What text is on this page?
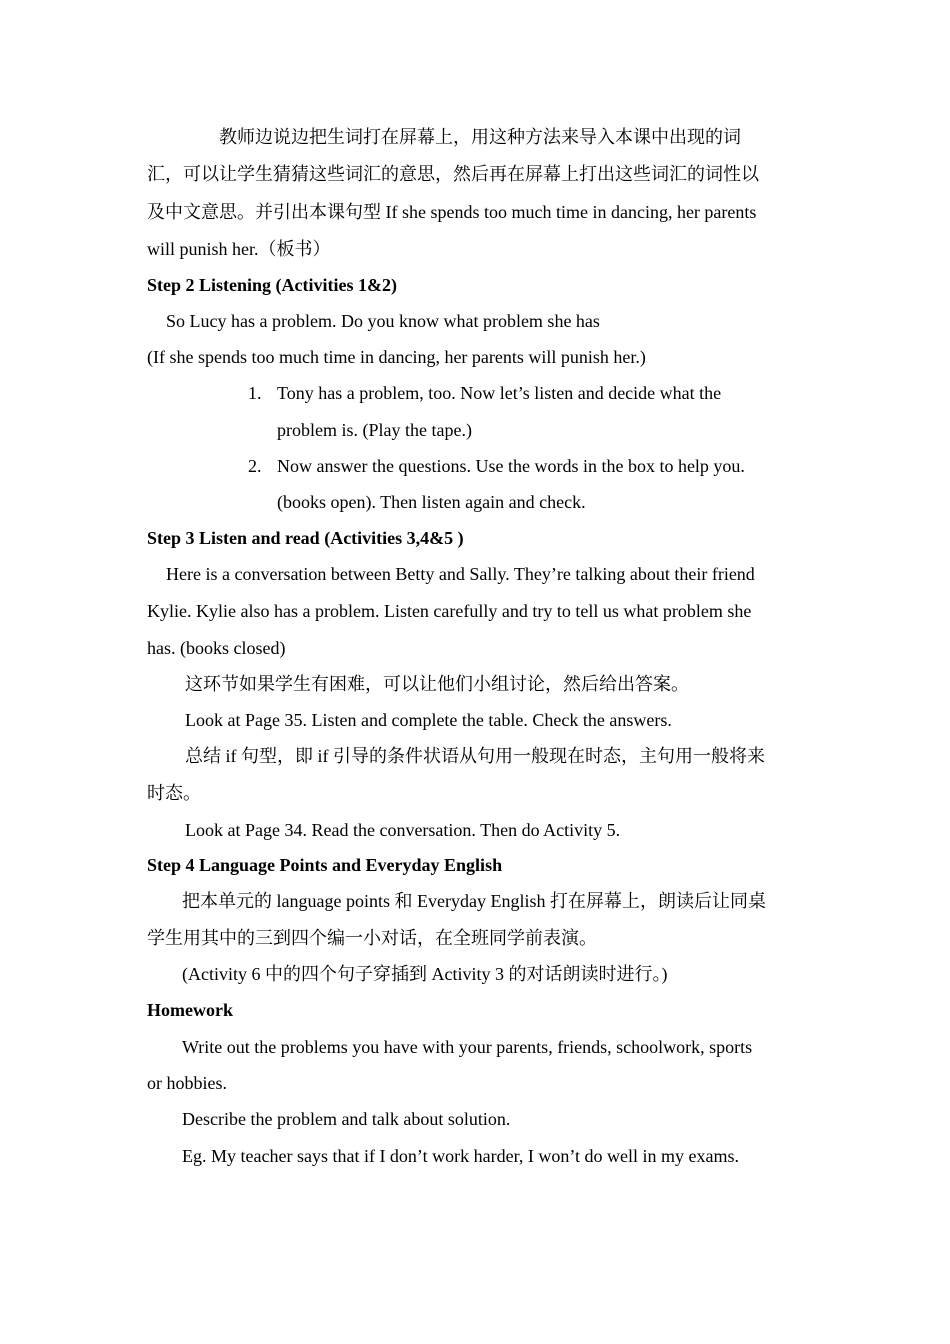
教师边说边把生词打在屏幕上，用这种方法来导入本课中出现的词
汇，可以让学生猜猜这些词汇的意思，然后再在屏幕上打出这些词汇的词性以
及中文意思。并引出本课句型 If she spends too much time in dancing, her parents
will punish her.（板书）
Step 2 Listening (Activities 1&2)
So Lucy has a problem. Do you know what problem she has
(If she spends too much time in dancing, her parents will punish her.)
1. Tony has a problem, too. Now let’s listen and decide what the
problem is. (Play the tape.)
2. Now answer the questions. Use the words in the box to help you.
(books open). Then listen again and check.
Step 3 Listen and read (Activities 3,4&5 )
Here is a conversation between Betty and Sally. They’re talking about their friend
Kylie. Kylie also has a problem. Listen carefully and try to tell us what problem she
has. (books closed)
这环节如果学生有困难，可以让他们小组讨论，然后给出答案。
Look at Page 35. Listen and complete the table. Check the answers.
总结 if 句型，即 if 引导的条件状语从句用一般现在时态，主句用一般将来
时态。
Look at Page 34. Read the conversation. Then do Activity 5.
Step 4 Language Points and Everyday English
把本单元的 language points 和 Everyday English 打在屏幕上，朗读后让同桌
学生用其中的三到四个编一小对话，在全班同学前表演。
(Activity 6 中的四个句子穿插到 Activity 3 的对话朗读时进行。)
Homework
Write out the problems you have with your parents, friends, schoolwork, sports
or hobbies.
Describe the problem and talk about solution.
Eg. My teacher says that if I don’t work harder, I won’t do well in my exams.
